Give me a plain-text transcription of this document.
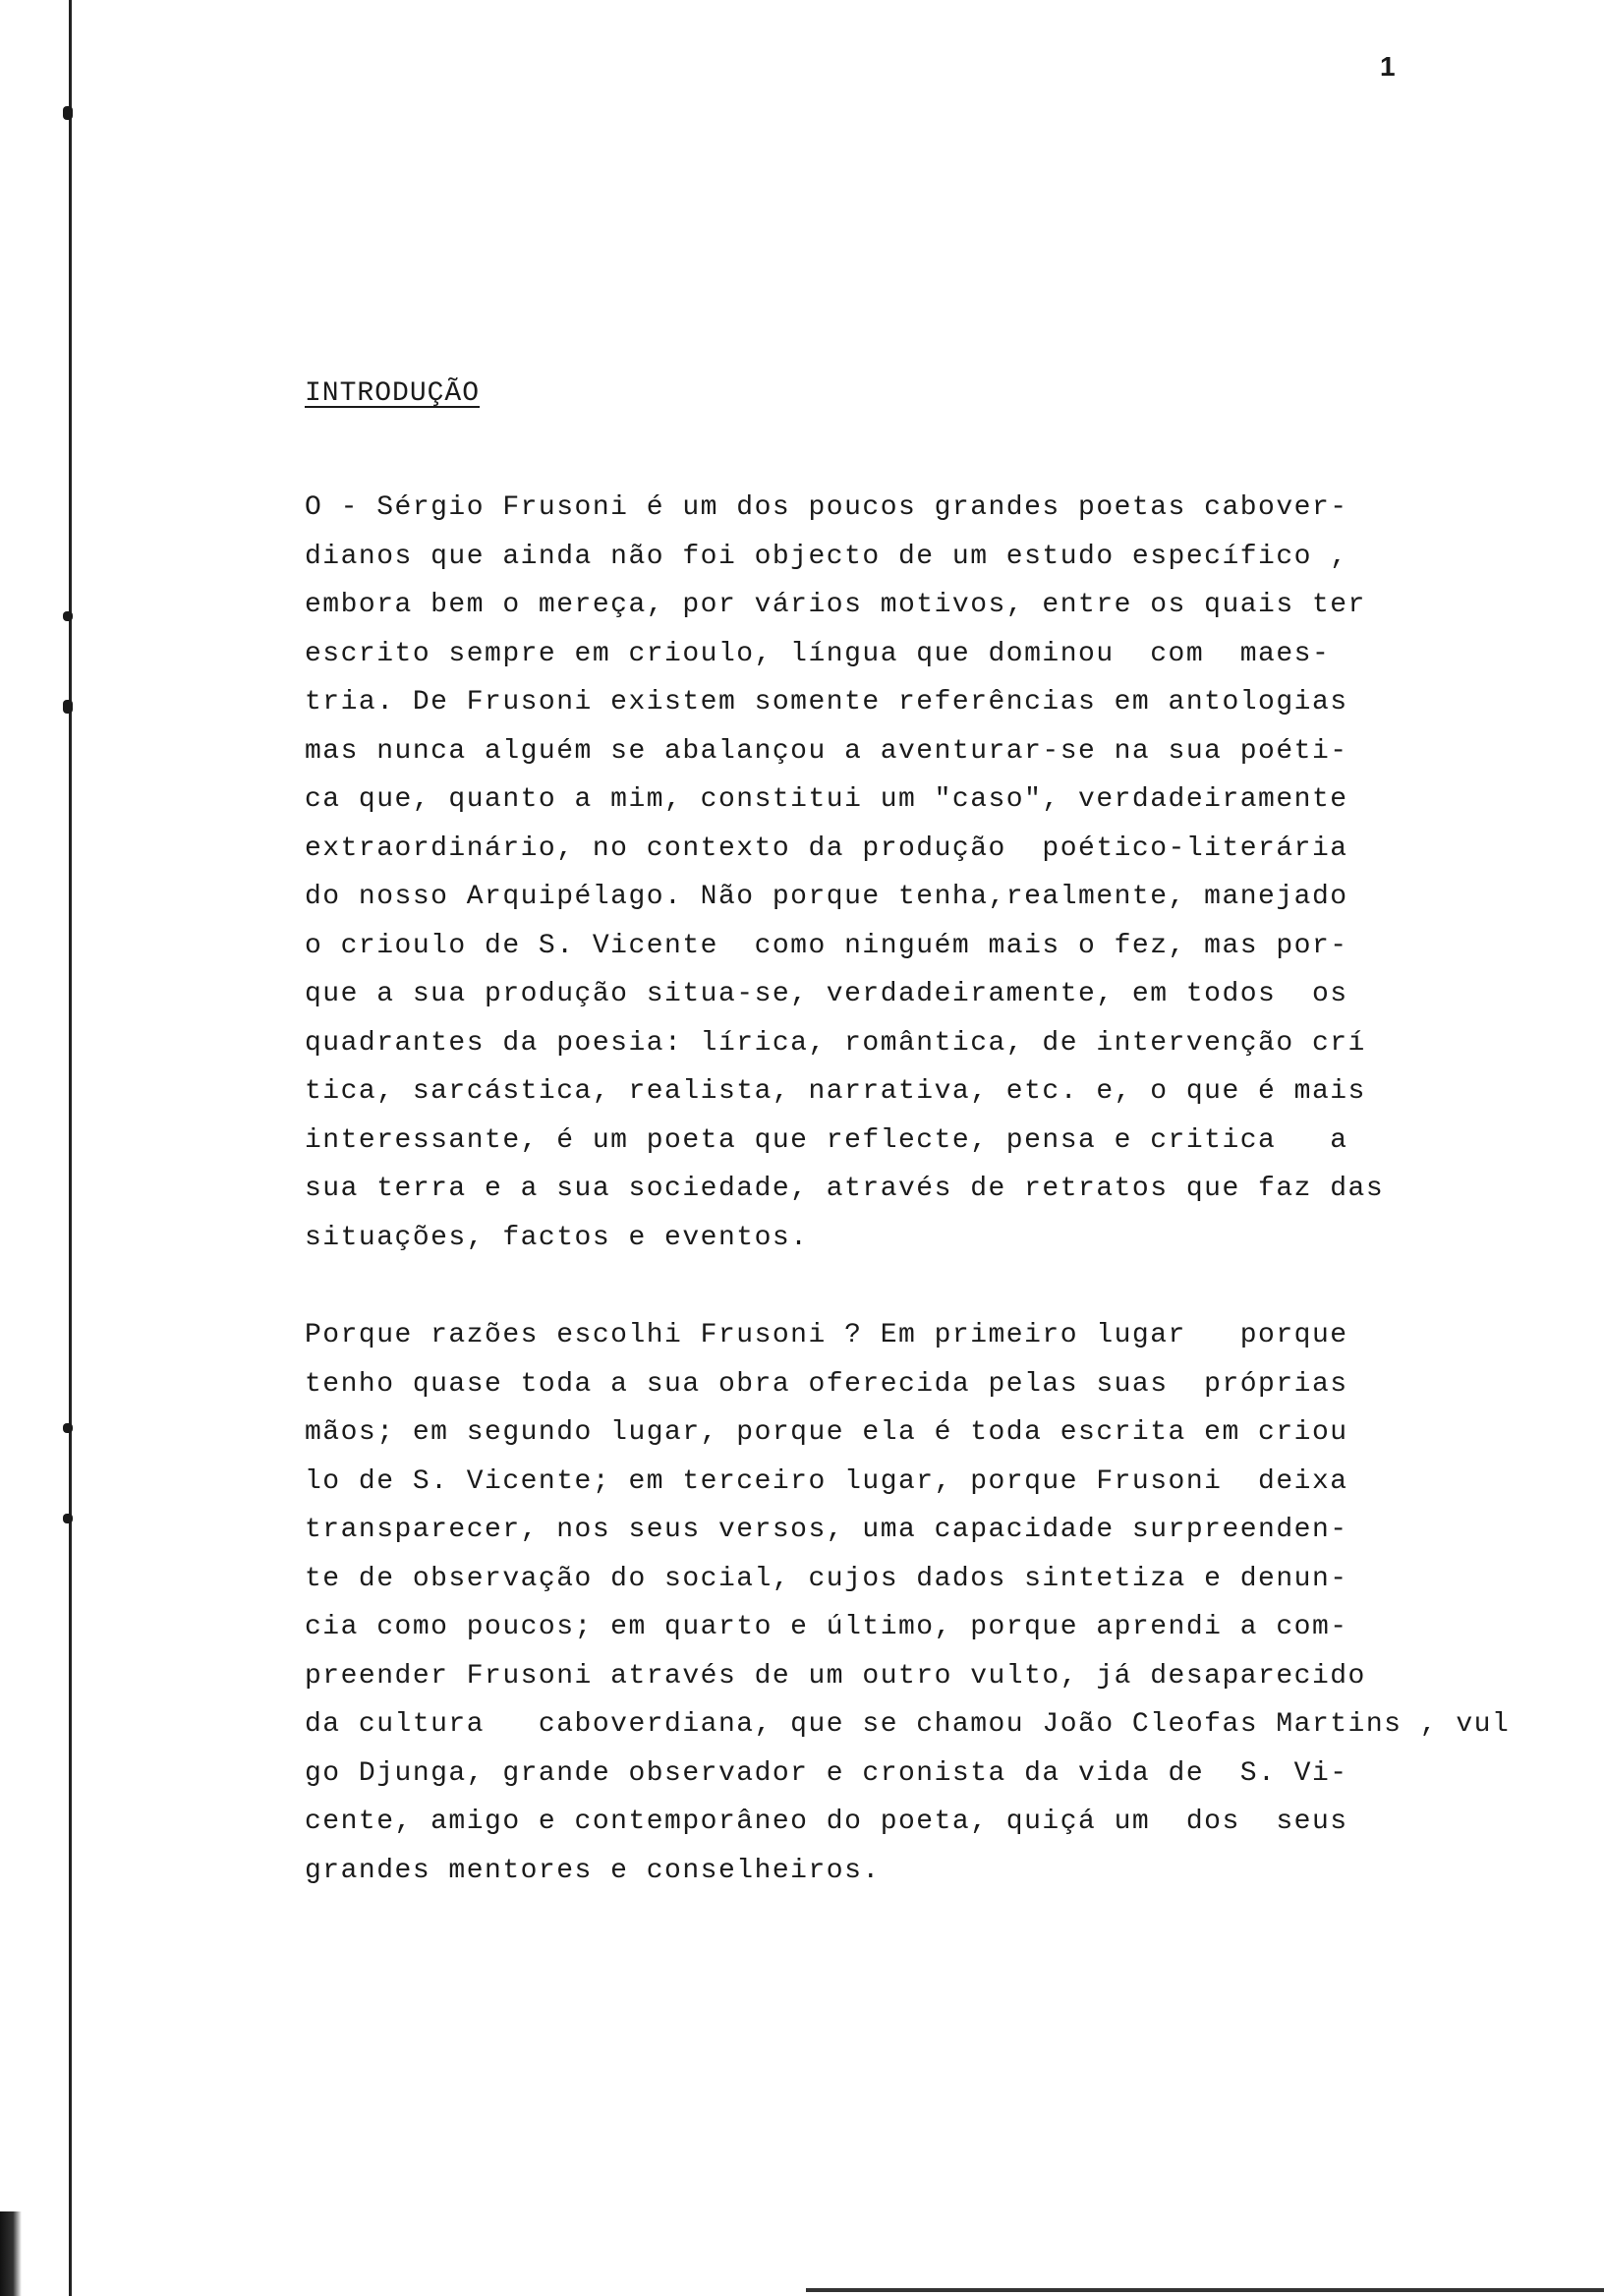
1
INTRODUÇÃO
O - Sérgio Frusoni é um dos poucos grandes poetas cabover-
dianos que ainda não foi objecto de um estudo específico ,
embora bem o mereça, por vários motivos, entre os quais ter
escrito sempre em crioulo, língua que dominou  com  maes-
tria. De Frusoni existem somente referências em antologias
mas nunca alguém se abalançou a aventurar-se na sua poéti-
ca que, quanto a mim, constitui um "caso", verdadeiramente
extraordinário, no contexto da produção  poético-literária
do nosso Arquipélago. Não porque tenha,realmente, manejado
o crioulo de S. Vicente  como ninguém mais o fez, mas por-
que a sua produção situa-se, verdadeiramente, em todos  os
quadrantes da poesia: lírica, romântica, de intervenção crí
tica, sarcástica, realista, narrativa, etc. e, o que é mais
interessante, é um poeta que reflecte, pensa e critica   a
sua terra e a sua sociedade, através de retratos que faz das
situações, factos e eventos.
Porque razões escolhi Frusoni ? Em primeiro lugar   porque
tenho quase toda a sua obra oferecida pelas suas  próprias
mãos; em segundo lugar, porque ela é toda escrita em criou
lo de S. Vicente; em terceiro lugar, porque Frusoni  deixa
transparecer, nos seus versos, uma capacidade surpreenden-
te de observação do social, cujos dados sintetiza e denun-
cia como poucos; em quarto e último, porque aprendi a com-
preender Frusoni através de um outro vulto, já desaparecido
da cultura   caboverdiana, que se chamou João Cleofas Martins , vul
go Djunga, grande observador e cronista da vida de  S. Vi-
cente, amigo e contemporâneo do poeta, quiçá um  dos  seus
grandes mentores e conselheiros.
